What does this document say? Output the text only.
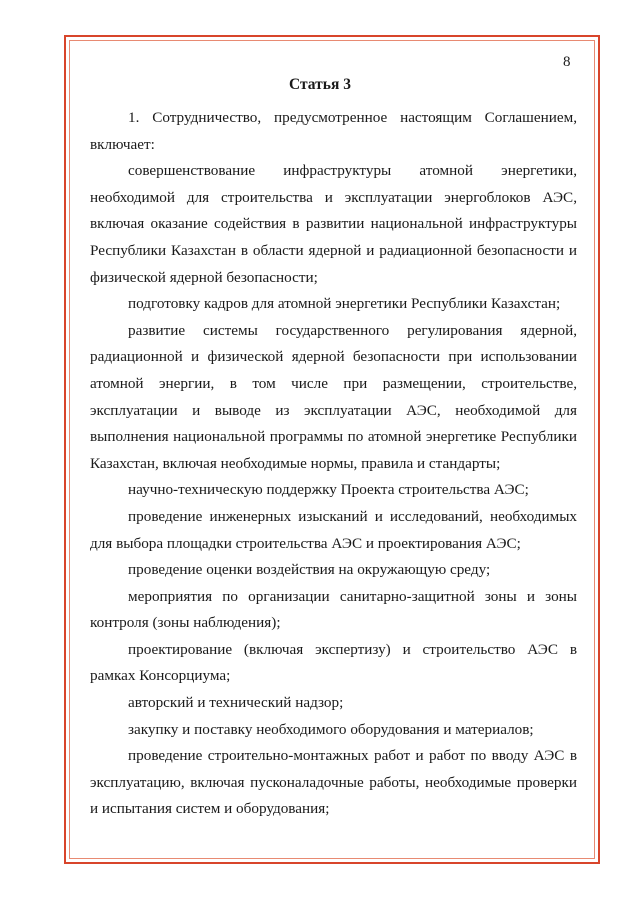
8
Статья 3

1. Сотрудничество, предусмотренное настоящим Соглашением, включает:

совершенствование инфраструктуры атомной энергетики, необходимой для строительства и эксплуатации энергоблоков АЭС, включая оказание содействия в развитии национальной инфраструктуры Республики Казахстан в области ядерной и радиационной безопасности и физической ядерной безопасности;

подготовку кадров для атомной энергетики Республики Казахстан;

развитие системы государственного регулирования ядерной, радиационной и физической ядерной безопасности при использовании атомной энергии, в том числе при размещении, строительстве, эксплуатации и выводе из эксплуатации АЭС, необходимой для выполнения национальной программы по атомной энергетике Республики Казахстан, включая необходимые нормы, правила и стандарты;

научно-техническую поддержку Проекта строительства АЭС;

проведение инженерных изысканий и исследований, необходимых для выбора площадки строительства АЭС и проектирования АЭС;

проведение оценки воздействия на окружающую среду;

мероприятия по организации санитарно-защитной зоны и зоны контроля (зоны наблюдения);

проектирование (включая экспертизу) и строительство АЭС в рамках Консорциума;

авторский и технический надзор;

закупку и поставку необходимого оборудования и материалов;

проведение строительно-монтажных работ и работ по вводу АЭС в эксплуатацию, включая пусконаладочные работы, необходимые проверки и испытания систем и оборудования;
